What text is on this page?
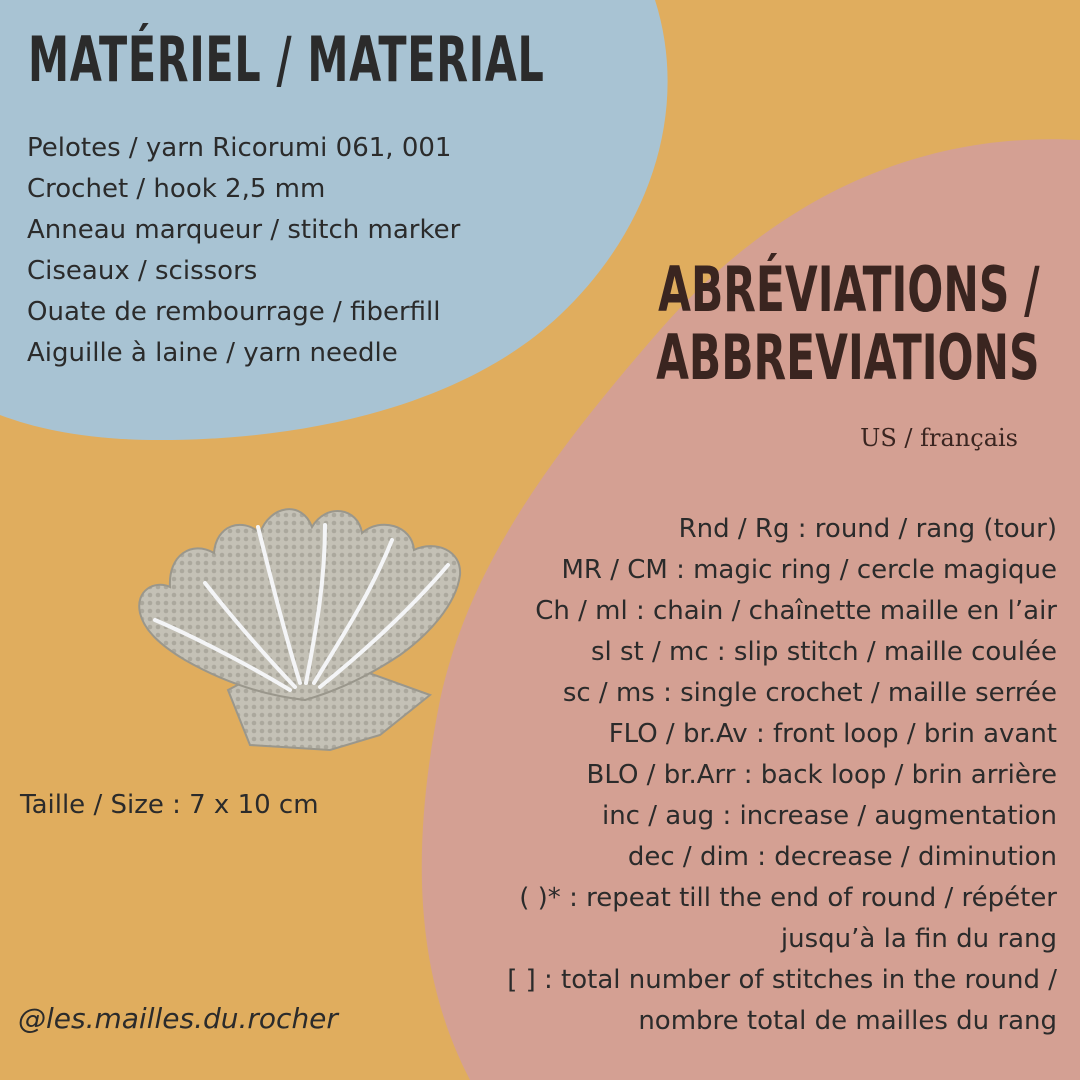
MATÉRIEL / MATERIAL
Pelotes / yarn Ricorumi 061, 001
Crochet / hook 2,5 mm
Anneau marqueur / stitch marker
Ciseaux / scissors
Ouate de rembourrage / fiberfill
Aiguille à laine / yarn needle
ABRÉVIATIONS /
ABBREVIATIONS
US / français
Rnd / Rg : round / rang (tour)
MR / CM : magic ring / cercle magique
Ch / ml : chain / chaînette maille en l’air
sl st / mc : slip stitch / maille coulée
sc / ms : single crochet / maille serrée
FLO / br.Av : front loop / brin avant
BLO / br.Arr : back loop / brin arrière
inc / aug : increase / augmentation
dec / dim : decrease / diminution
( )* : repeat till the end of round / répéter
jusqu’à la fin du rang
[ ] : total number of stitches in the round /
nombre total de mailles du rang
Taille / Size : 7 x 10 cm
@les.mailles.du.rocher
